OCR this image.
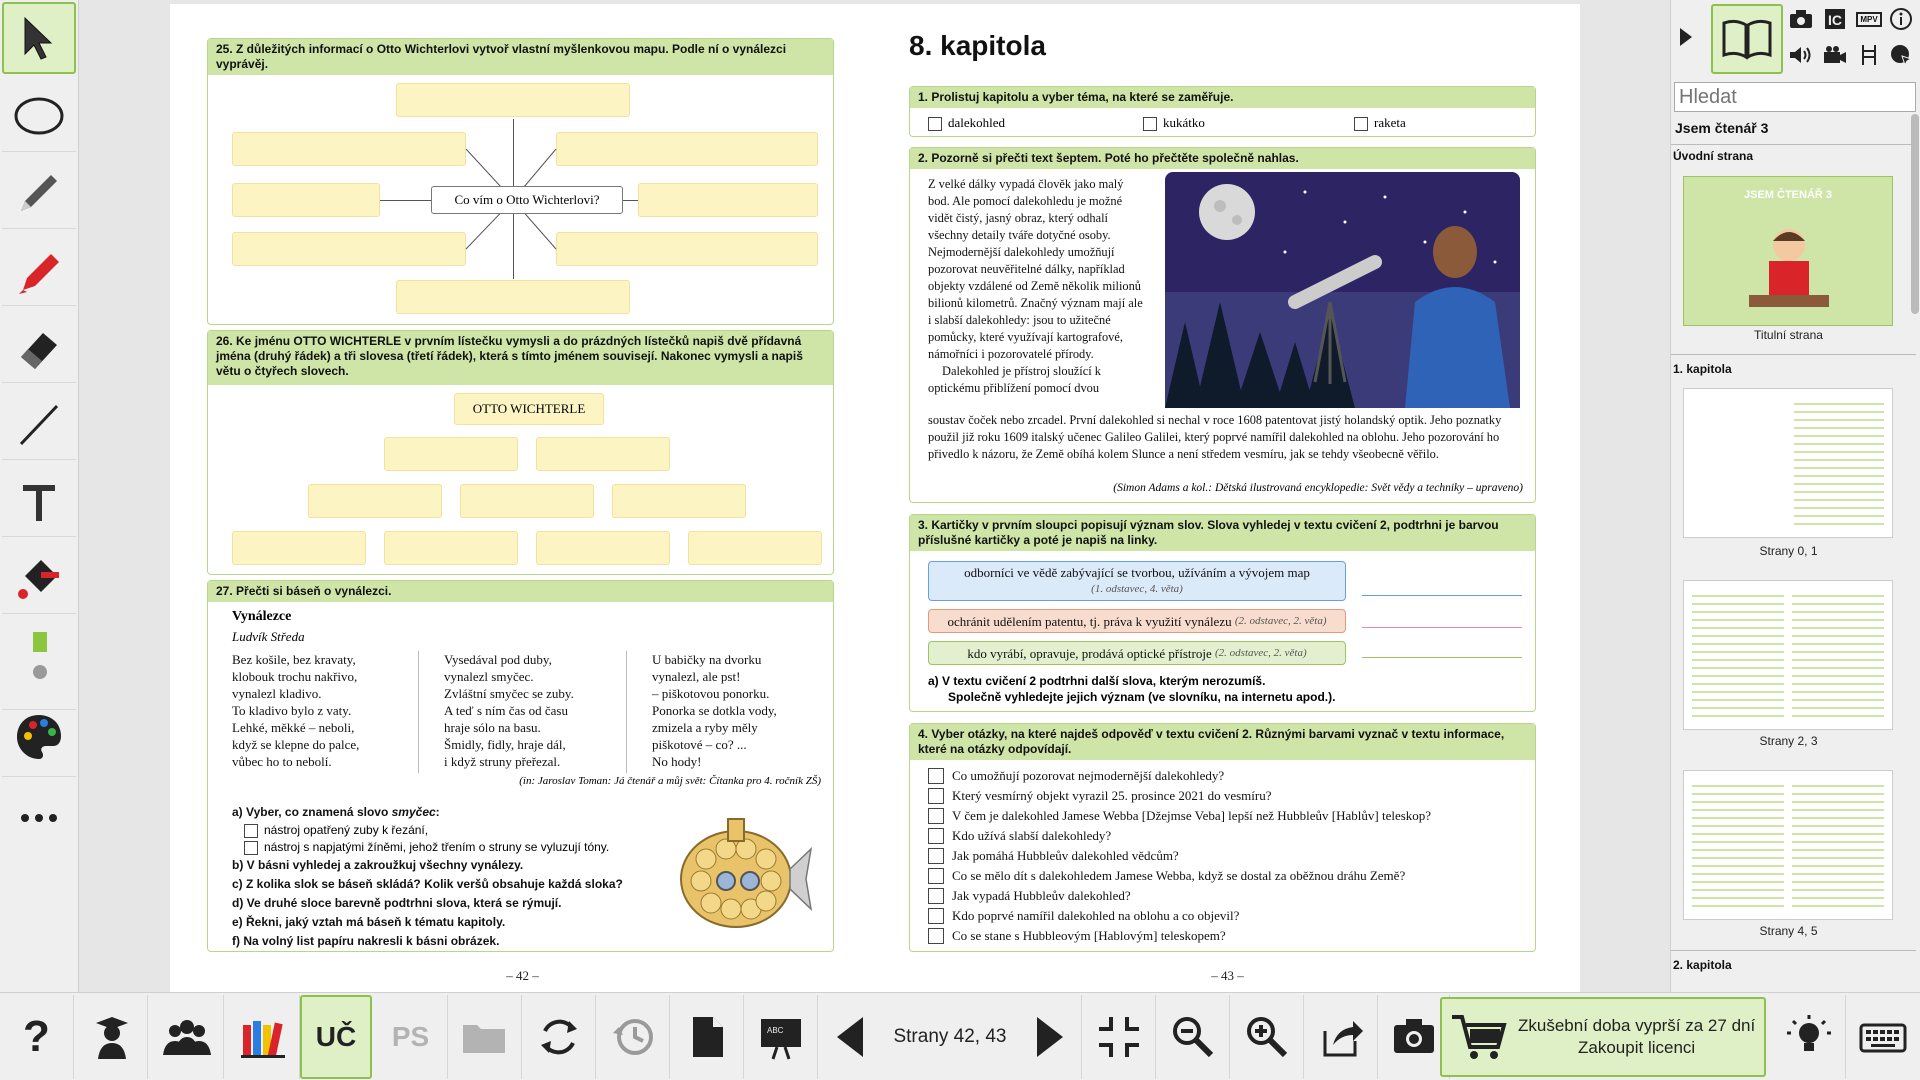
25. Z důležitých informací o Otto Wichterlovi vytvoř vlastní myšlenkovou mapu. Podle ní o vynálezci vyprávěj.
Co vím o Otto Wichterlovi?
26. Ke jménu OTTO WICHTERLE v prvním lístečku vymysli a do prázdných lístečků napiš dvě přídavná jména (druhý řádek) a tři slovesa (třetí řádek), která s tímto jménem souvisejí. Nakonec vymysli a napiš větu o čtyřech slovech.
OTTO WICHTERLE
27. Přečti si báseň o vynálezci.
Vynálezce
Ludvík Středa
Bez košile, bez kravaty,
klobouk trochu nakřivo,
vynalezl kladivo.
To kladivo bylo z vaty.
Lehké, měkké – neboli,
když se klepne do palce,
vůbec ho to nebolí.
Vysedával pod duby,
vynalezl smyčec.
Zvláštní smyčec se zuby.
A teď s ním čas od času
hraje sólo na basu.
Šmidly, fidly, hraje dál,
i když struny přeřezal.
U babičky na dvorku
vynalezl, ale pst!
– piškotovou ponorku.
Ponorka se dotkla vody,
zmizela a ryby měly
piškotové – co? ...
No hody!
(in: Jaroslav Toman: Já čtenář a můj svět: Čítanka pro 4. ročník ZŠ)
a) Vyber, co znamená slovo smyčec:
nástroj opatřený zuby k řezání,
nástroj s napjatými žíněmi, jehož třením o struny se vyluzují tóny.
b) V básni vyhledej a zakroužkuj všechny vynálezy.
c) Z kolika slok se báseň skládá? Kolik veršů obsahuje každá sloka?
d) Ve druhé sloce barevně podtrhni slova, která se rýmují.
e) Řekni, jaký vztah má báseň k tématu kapitoly.
f) Na volný list papíru nakresli k básni obrázek.
– 42 –
8. kapitola
1. Prolistuj kapitolu a vyber téma, na které se zaměřuje.
dalekohled	kukátko	raketa
2. Pozorně si přečti text šeptem. Poté ho přečtěte společně nahlas.
Z velké dálky vypadá člověk jako malý bod. Ale pomocí dalekohledu je možné vidět čistý, jasný obraz, který odhalí všechny detaily tváře dotyčné osoby. Nejmodernější dalekohledy umožňují pozorovat neuvěřitelné dálky, například objekty vzdálené od Země několik milionů bilionů kilometrů. Značný význam mají ale i slabší dalekohledy: jsou to užitečné pomůcky, které využívají kartografové, námořníci i pozorovatelé přírody.
Dalekohled je přístroj sloužící k optickému přiblížení pomocí dvou
soustav čoček nebo zrcadel. První dalekohled si nechal v roce 1608 patentovat jistý holandský optik. Jeho poznatky použil již roku 1609 italský učenec Galileo Galilei, který poprvé namířil dalekohled na oblohu. Jeho pozorování ho přivedlo k názoru, že Země obíhá kolem Slunce a není středem vesmíru, jak se tehdy všeobecně věřilo.
(Simon Adams a kol.: Dětská ilustrovaná encyklopedie: Svět vědy a techniky – upraveno)
3. Kartičky v prvním sloupci popisují význam slov. Slova vyhledej v textu cvičení 2, podtrhni je barvou příslušné kartičky a poté je napiš na linky.
odborníci ve vědě zabývající se tvorbou, užíváním a vývojem map
(1. odstavec, 4. věta)
ochránit udělením patentu, tj. práva k využití vynálezu
(2. odstavec, 2. věta)
kdo vyrábí, opravuje, prodává optické přístroje
(2. odstavec, 2. věta)
a) V textu cvičení 2 podtrhni další slova, kterým nerozumíš.
Společně vyhledejte jejich význam (ve slovníku, na internetu apod.).
4. Vyber otázky, na které najdeš odpověď v textu cvičení 2. Různými barvami vyznač v textu informace, které na otázky odpovídají.
Co umožňují pozorovat nejmodernější dalekohledy?
Který vesmírný objekt vyrazil 25. prosince 2021 do vesmíru?
V čem je dalekohled Jamese Webba [Džejmse Veba] lepší než Hubbleův [Hablův] teleskop?
Kdo užívá slabší dalekohledy?
Jak pomáhá Hubbleův dalekohled vědcům?
Co se mělo dít s dalekohledem Jamese Webba, když se dostal za oběžnou dráhu Země?
Jak vypadá Hubbleův dalekohled?
Kdo poprvé namířil dalekohled na oblohu a co objevil?
Co se stane s Hubbleovým [Hablovým] teleskopem?
– 43 –
IC	MPV
Hledat
Jsem čtenář 3
Úvodní strana
JSEM ČTENÁŘ 3
Titulní strana
1. kapitola
Strany 0, 1
Strany 2, 3
Strany 4, 5
2. kapitola
?	UČ PS	ABC	Strany 42, 43
Zkušební doba vyprší za 27 dní
Zakoupit licenci
